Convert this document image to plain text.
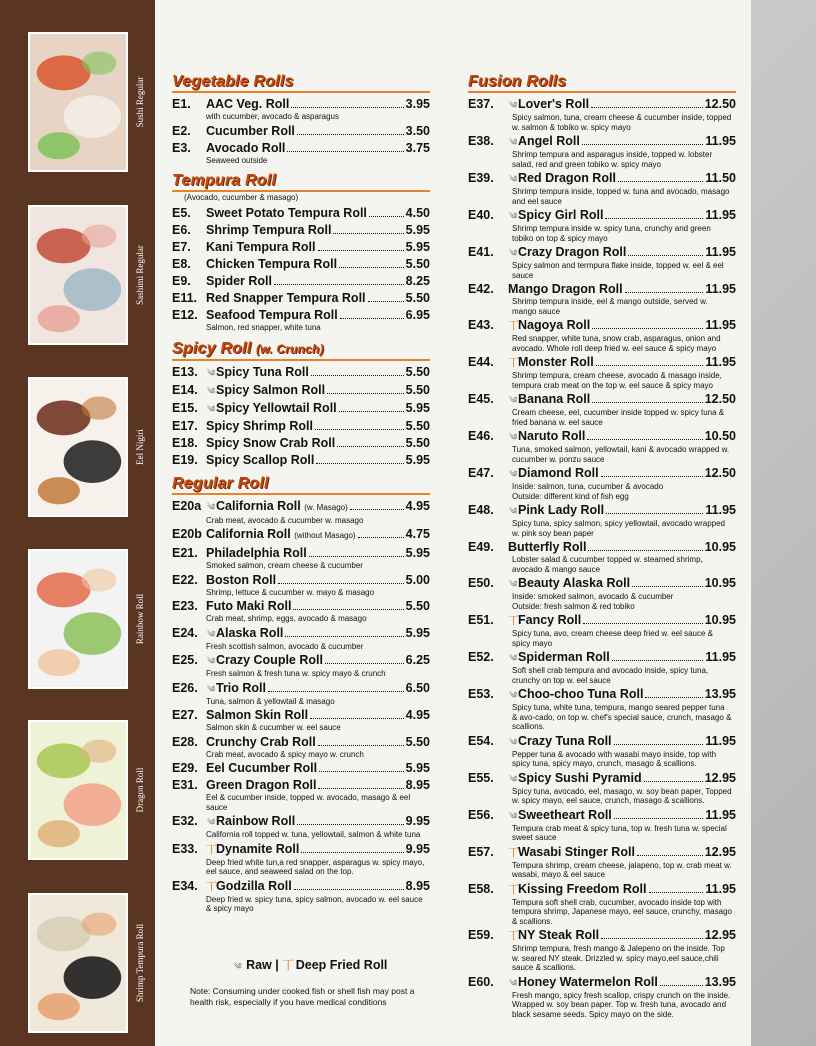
Sushi Regular
Sashimi Regular
Eel Nigiri
Rainbow Roll
Dragon Roll
Shrimp Tempura Roll
Vegetable Rolls
E1.	AAC Veg. Roll	3.95
with cucumber, avocado & asparagus
E2.	Cucumber Roll	3.50
E3.	Avocado Roll	3.75
Seaweed outside
Tempura Roll
(Avocado, cucumber & masago)
E5.	Sweet Potato Tempura Roll	4.50
E6.	Shrimp Tempura Roll	5.95
E7.	Kani Tempura Roll	5.95
E8.	Chicken Tempura Roll	5.50
E9.	Spider Roll	8.25
E11. Red Snapper Tempura Roll	5.50
E12. Seafood Tempura Roll	6.95
Salmon, red snapper, white tuna
Spicy Roll (w. Crunch)
E13. ༄ Spicy Tuna Roll	5.50
E14. ༄ Spicy Salmon Roll	5.50
E15. ༄ Spicy Yellowtail Roll	5.95
E17. Spicy Shrimp Roll	5.50
E18. Spicy Snow Crab Roll	5.50
E19. Spicy Scallop Roll	5.95
Regular Roll
E20a ༄ California Roll (w. Masago)	4.95
Crab meat, avocado & cucumber w. masago
E20b California Roll (without Masago)	4.75
E21. Philadelphia Roll	5.95
Smoked salmon, cream cheese & cucumber
E22. Boston Roll	5.00
Shrimp, lettuce & cucumber w. mayo & masago
E23. Futo Maki Roll	5.50
Crab meat, shrimp, eggs, avocado & masago
E24. ༄ Alaska Roll	5.95
Fresh scottish salmon, avocado & cucumber
E25. ༄ Crazy Couple Roll	6.25
Fresh salmon & fresh tuna w. spicy mayo & crunch
E26. ༄ Trio Roll	6.50
Tuna, salmon & yellowtail & masago
E27. Salmon Skin Roll	4.95
Salmon skin & cucumber w. eel sauce
E28. Crunchy Crab Roll	5.50
Crab meat, avocado & spicy mayo w. crunch
E29. Eel Cucumber Roll	5.95
E31. Green Dragon Roll	8.95
Eel & cucumber inside, topped w. avocado, masago & eel sauce
E32. ༄ Rainbow Roll	9.95
California roll topped w. tuna, yellowtail, salmon & white tuna
E33. 丅 Dynamite Roll	9.95
Deep fried white tun,a red snapper, asparagus w. spicy mayo, eel sauce, and seaweed salad on the top.
E34. 丅 Godzilla Roll	8.95
Deep fried w. spicy tuna, spicy salmon, avocado w. eel sauce & spicy mayo
Fusion Rolls
E37.	༄ Lover's Roll	12.50
Spicy salmon, tuna, cream cheese & cucumber inside, topped w. salmon & tobiko w. spicy mayo
E38.	༄ Angel Roll	11.95
Shrimp tempura and asparagus inside, topped w. lobster salad, red and green tobiko w. spicy mayo
E39.	༄ Red Dragon Roll	11.50
Shrimp tempura inside, topped w. tuna and avocado, masago and eel sauce
E40.	༄ Spicy Girl Roll	11.95
Shrimp tempura inside w. spicy tuna, crunchy and green tobiko on top & spicy mayo
E41.	༄ Crazy Dragon Roll	11.95
Spicy salmon and termpura flake inside, topped w. eel & eel sauce
E42.	Mango Dragon Roll	11.95
Shrimp tempura inside, eel & mango outside, served w. mango sauce
E43.	丅 Nagoya Roll	11.95
Red snapper, white tuna, snow crab, asparagus, onion and avocado. Whole roll deep fried w. eel sauce & spicy mayo
E44.	丅 Monster Roll	11.95
Shrimp tempura, cream cheese, avocado & masago inside, tempura crab meat on the top w. eel sauce & spicy mayo
E45.	༄ Banana Roll	12.50
Cream cheese, eel, cucumber inside topped w. spicy tuna & fried banana w. eel sauce
E46.	༄ Naruto Roll	10.50
Tuna, smoked salmon, yellowtail, kani & avocado wrapped w. cucumber w. ponzu sauce
E47.	༄ Diamond Roll	12.50
Inside: salmon, tuna, cucumber & avocado
Outside: different kind of fish egg
E48.	༄ Pink Lady Roll	11.95
Spicy tuna, spicy salmon, spicy yellowtail, avocado wrapped w. pink soy bean paper
E49.	Butterfly Roll	10.95
Lobster salad & cucumber topped w. steamed shrimp, avocado & mango sauce
E50.	༄ Beauty Alaska Roll	10.95
Inside: smoked salmon, avocado & cucumber
Outside: fresh salmon & red tobiko
E51.	丅 Fancy Roll	10.95
Spicy tuna, avo, cream cheese deep fried w. eel sauce & spicy mayo
E52.	༄ Spiderman Roll	11.95
Soft shell crab tempura and avocado inside, spicy tuna, crunchy on top w. eel sauce
E53.	༄ Choo-choo Tuna Roll	13.95
Spicy tuna, white tuna, tempura, mango seared pepper tuna & avo-cado, on top w. chef's special sauce, crunch, masago & scallions.
E54.	༄ Crazy Tuna Roll	11.95
Pepper tuna & avocado with wasabi mayo inside, top with spicy tuna, spicy mayo, crunch, masago & scallions.
E55.	༄ Spicy Sushi Pyramid	12.95
Spicy tuna, avocado, eel, masago, w. soy bean paper, Topped w. spicy mayo, eel sauce, crunch, masago & scallions.
E56.	༄ Sweetheart Roll	11.95
Tempura crab meat & spicy tuna, top w. fresh tuna w. special sweet sauce
E57.	丅 Wasabi Stinger Roll	12.95
Tempura shrimp, cream cheese, jalapeno, top w. crab meat w. wasabi, mayo & eel sauce
E58.	丅 Kissing Freedom Roll	11.95
Tempura soft shell crab, cucumber, avocado inside top with tempura shrimp, Japanese mayo, eel sauce, crunchy, masago & scallions.
E59.	丅 NY Steak Roll	12.95
Shrimp tempura, fresh mango & Jalepeno on the inside. Top w. seared NY steak. Drizzled w. spicy mayo,eel sauce,chili sauce & scallions.
E60.	༄ Honey Watermelon Roll	13.95
Fresh mango, spicy fresh scallop, crispy crunch on the inside. Wrapped w. soy bean paper. Top w. fresh tuna, avocado and black sesame seeds. Spicy mayo on the side.
༄ Raw | 丅 Deep Fried Roll
Note: Consuming under cooked fish or shell fish may post a health risk, especially if you have medical conditions
